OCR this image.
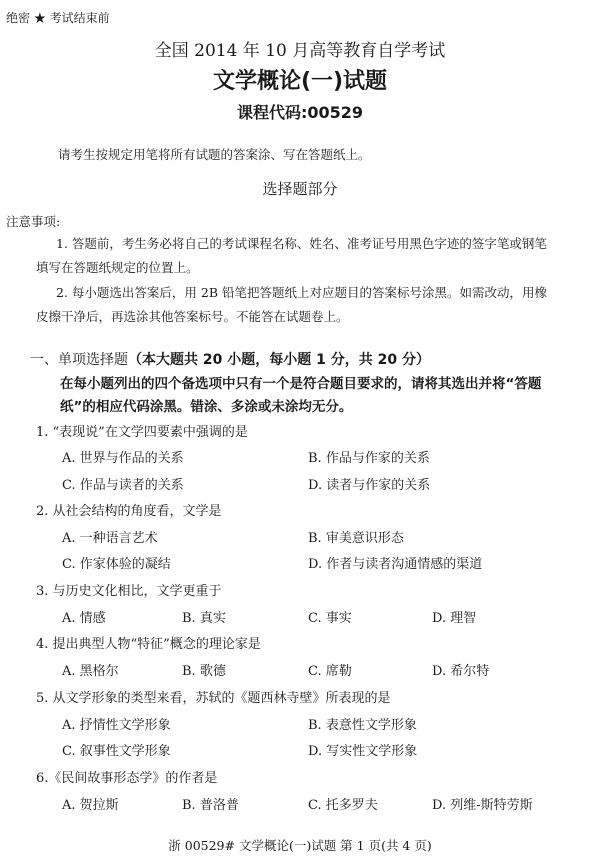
绝密 ★ 考试结束前
全国 2014 年 10 月高等教育自学考试
文学概论(一)试题
课程代码:00529
请考生按规定用笔将所有试题的答案涂、写在答题纸上。
选择题部分
注意事项:
1. 答题前，考生务必将自己的考试课程名称、姓名、准考证号用黑色字迹的签字笔或钢笔
填写在答题纸规定的位置上。
2. 每小题选出答案后，用 2B 铅笔把答题纸上对应题目的答案标号涂黑。如需改动，用橡
皮擦干净后，再选涂其他答案标号。不能答在试题卷上。
一、单项选择题（本大题共 20 小题，每小题 1 分，共 20 分）
在每小题列出的四个备选项中只有一个是符合题目要求的，请将其选出并将“答题
纸”的相应代码涂黑。错涂、多涂或未涂均无分。
1. “表现说”在文学四要素中强调的是
A. 世界与作品的关系	B. 作品与作家的关系
C. 作品与读者的关系	D. 读者与作家的关系
2. 从社会结构的角度看，文学是
A. 一种语言艺术	B. 审美意识形态
C. 作家体验的凝结	D. 作者与读者沟通情感的渠道
3. 与历史文化相比，文学更重于
A. 情感	B. 真实	C. 事实	D. 理智
4. 提出典型人物“特征”概念的理论家是
A. 黑格尔	B. 歌德	C. 席勒	D. 希尔特
5. 从文学形象的类型来看，苏轼的《题西林寺壁》所表现的是
A. 抒情性文学形象	B. 表意性文学形象
C. 叙事性文学形象	D. 写实性文学形象
6.《民间故事形态学》的作者是
A. 贺拉斯	B. 普洛普	C. 托多罗夫	D. 列维-斯特劳斯
浙 00529# 文学概论(一)试题 第 1 页(共 4 页)
